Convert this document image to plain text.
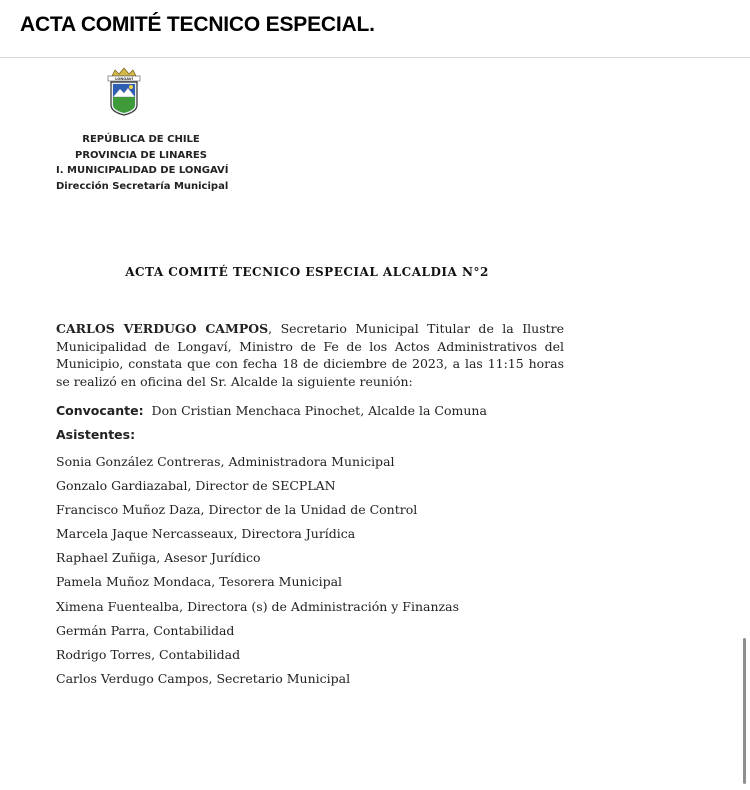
ACTA COMITÉ TECNICO ESPECIAL.
LONGAVÍ
REPÚBLICA DE CHILE
PROVINCIA DE LINARES
I. MUNICIPALIDAD DE LONGAVÍ
Dirección Secretaría Municipal
ACTA COMITÉ TECNICO ESPECIAL ALCALDIA N°2

CARLOS VERDUGO CAMPOS, Secretario Municipal Titular de la Ilustre Municipalidad de Longaví, Ministro de Fe de los Actos Administrativos del Municipio, constata que con fecha 18 de diciembre de 2023, a las 11:15 horas se realizó en oficina del Sr. Alcalde la siguiente reunión:

Convocante: Don Cristian Menchaca Pinochet, Alcalde la Comuna
Asistentes:
Sonia González Contreras, Administradora Municipal
Gonzalo Gardiazabal, Director de SECPLAN
Francisco Muñoz Daza, Director de la Unidad de Control
Marcela Jaque Nercasseaux, Directora Jurídica
Raphael Zuñiga, Asesor Jurídico
Pamela Muñoz Mondaca, Tesorera Municipal
Ximena Fuentealba, Directora (s) de Administración y Finanzas
Germán Parra, Contabilidad
Rodrigo Torres, Contabilidad
Carlos Verdugo Campos, Secretario Municipal
